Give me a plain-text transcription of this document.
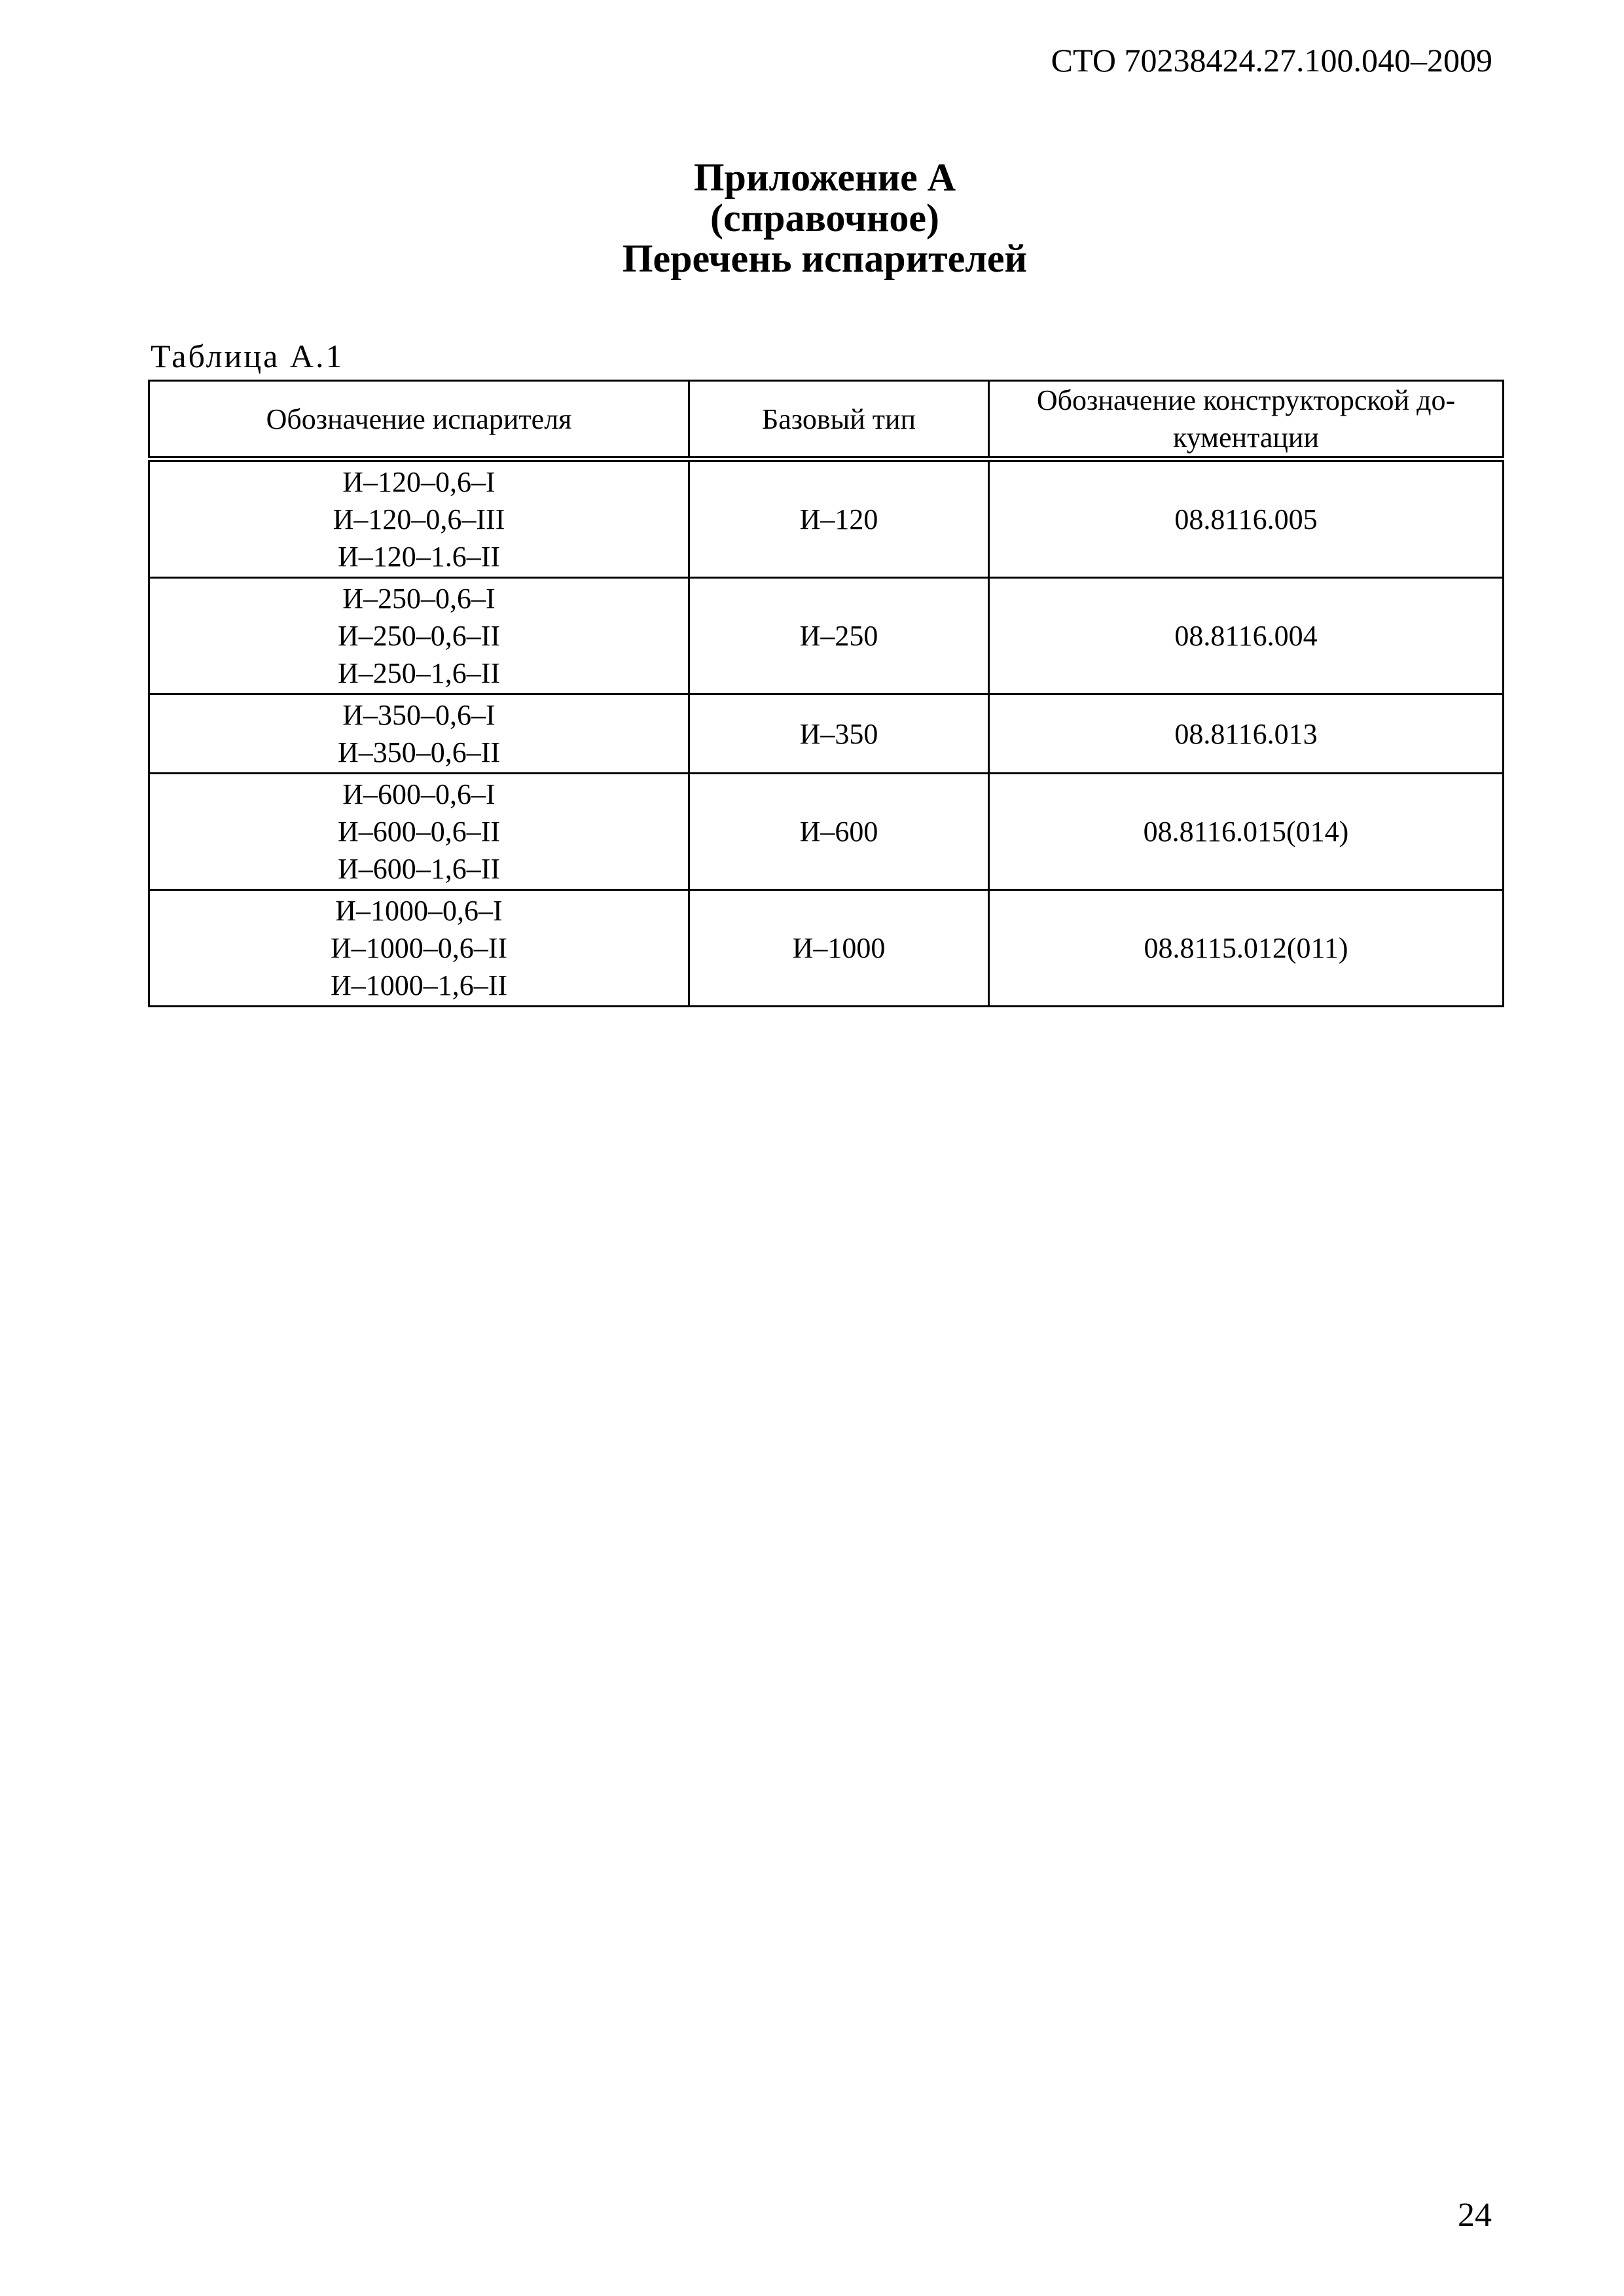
СТО 70238424.27.100.040–2009
Приложение А
(справочное)
Перечень испарителей
Таблица А.1
Обозначение испарителя	Базовый тип	Обозначение конструкторской до-кументации

И–120–0,6–I
И–120–0,6–III
И–120–1.6–II	И–120	08.8116.005

И–250–0,6–I
И–250–0,6–II
И–250–1,6–II	И–250	08.8116.004

И–350–0,6–I
И–350–0,6–II	И–350	08.8116.013

И–600–0,6–I
И–600–0,6–II
И–600–1,6–II	И–600	08.8116.015(014)

И–1000–0,6–I
И–1000–0,6–II
И–1000–1,6–II	И–1000	08.8115.012(011)
24
